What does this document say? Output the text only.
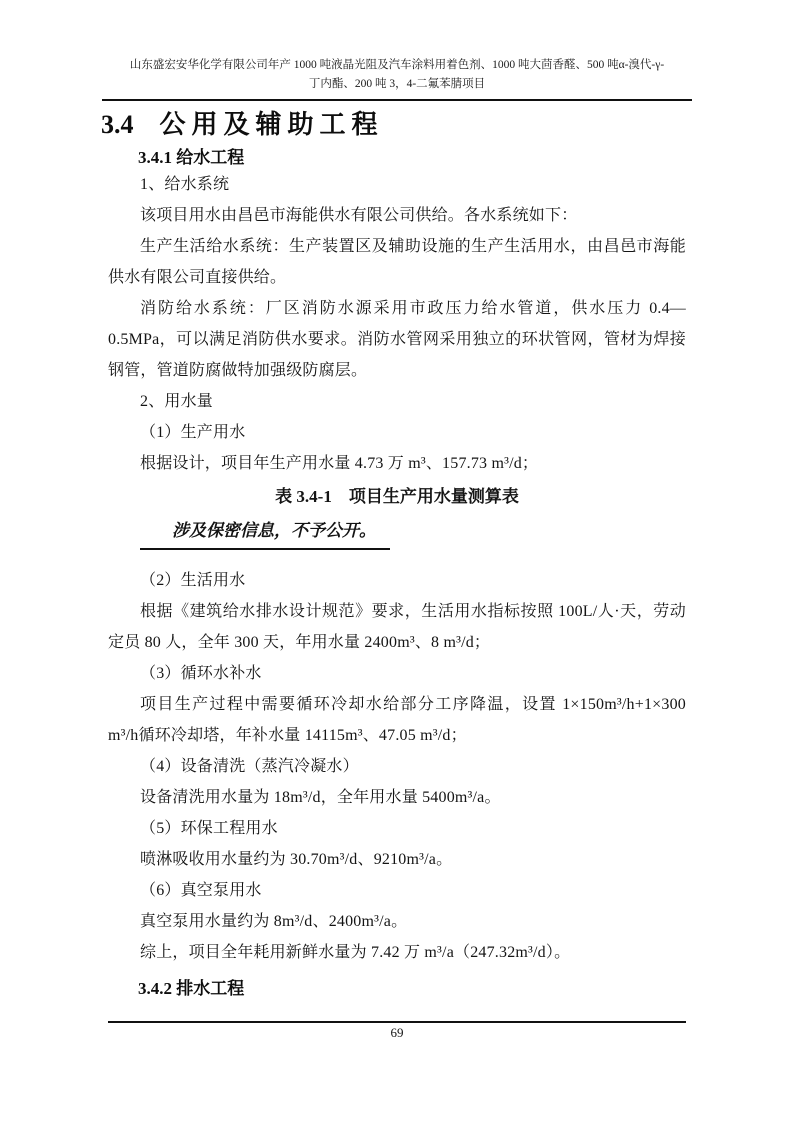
山东盛宏安华化学有限公司年产 1000 吨液晶光阻及汽车涂料用着色剂、1000 吨大茴香醛、500 吨α-溴代-γ-
丁内酯、200 吨 3，4-二氟苯腈项目
3.4 公用及辅助工程
3.4.1 给水工程

1、给水系统

该项目用水由昌邑市海能供水有限公司供给。各水系统如下：

生产生活给水系统：生产装置区及辅助设施的生产生活用水，由昌邑市海能供水有限公司直接供给。

消防给水系统：厂区消防水源采用市政压力给水管道，供水压力 0.4—0.5MPa，可以满足消防供水要求。消防水管网采用独立的环状管网，管材为焊接钢管，管道防腐做特加强级防腐层。

2、用水量

（1）生产用水

根据设计，项目年生产用水量 4.73 万 m³、157.73 m³/d；

表 3.4-1　项目生产用水量测算表

涉及保密信息，不予公开。

（2）生活用水

根据《建筑给水排水设计规范》要求，生活用水指标按照 100L/人·天，劳动定员 80 人，全年 300 天，年用水量 2400m³、8 m³/d；

（3）循环水补水

项目生产过程中需要循环冷却水给部分工序降温，设置 1×150m³/h+1×300 m³/h循环冷却塔，年补水量 14115m³、47.05 m³/d；

（4）设备清洗（蒸汽冷凝水）

设备清洗用水量为 18m³/d，全年用水量 5400m³/a。

（5）环保工程用水

喷淋吸收用水量约为 30.70m³/d、9210m³/a。

（6）真空泵用水

真空泵用水量约为 8m³/d、2400m³/a。

综上，项目全年耗用新鲜水量为 7.42 万 m³/a（247.32m³/d）。

3.4.2 排水工程
69
